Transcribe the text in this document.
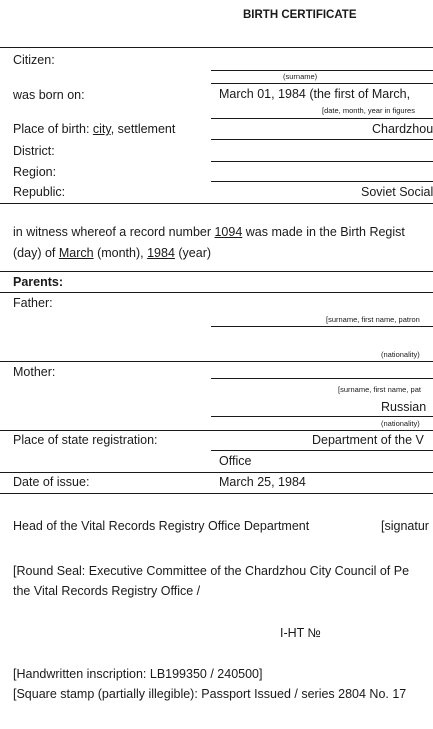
BIRTH CERTIFICATE
Citizen:
(surname)
was born on:	March 01, 1984 (the first of March,
[date, month, year in figures
Place of birth: city, settlement	Chardzhou
District:
Region:
Republic:	Soviet Social
in witness whereof a record number 1094 was made in the Birth Regist
(day) of March (month), 1984 (year)
Parents:
Father:
[surname, first name, patron
(nationality)
Mother:
[surname, first name, pat
Russian
(nationality)
Place of state registration:	Department of the V
Office
Date of issue:	March 25, 1984
Head of the Vital Records Registry Office Department	[signatur
[Round Seal: Executive Committee of the Chardzhou City Council of Pe
the Vital Records Registry Office /
I-HT №
[Handwritten inscription: LB199350 / 240500]
[Square stamp (partially illegible): Passport Issued / series 2804 No. 17
